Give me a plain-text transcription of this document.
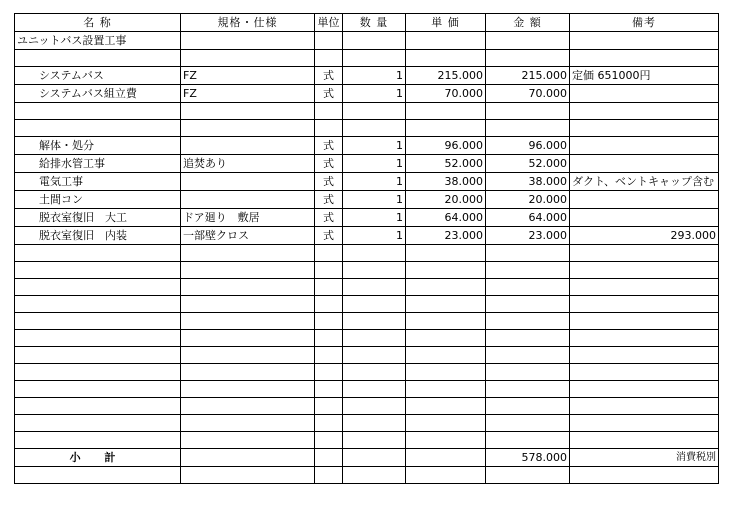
名 称	規格・仕様	単位	数 量	単 価	金 額	備考
ユニットバス設置工事						

システムバス	FZ	式	1	215.000	215.000	定価 651000円
システムバス組立費	FZ	式	1	70.000	70.000	

解体・処分		式	1	96.000	96.000	
給排水管工事	追焚あり	式	1	52.000	52.000	
電気工事		式	1	38.000	38.000	ダクト、ベントキャップ含む
土間コン		式	1	20.000	20.000	
脱衣室復旧　大工	ドア廻り　敷居	式	1	64.000	64.000	
脱衣室復旧　内装	一部壁クロス	式	1	23.000	23.000	293.000

小 計					578.000	消費税別
